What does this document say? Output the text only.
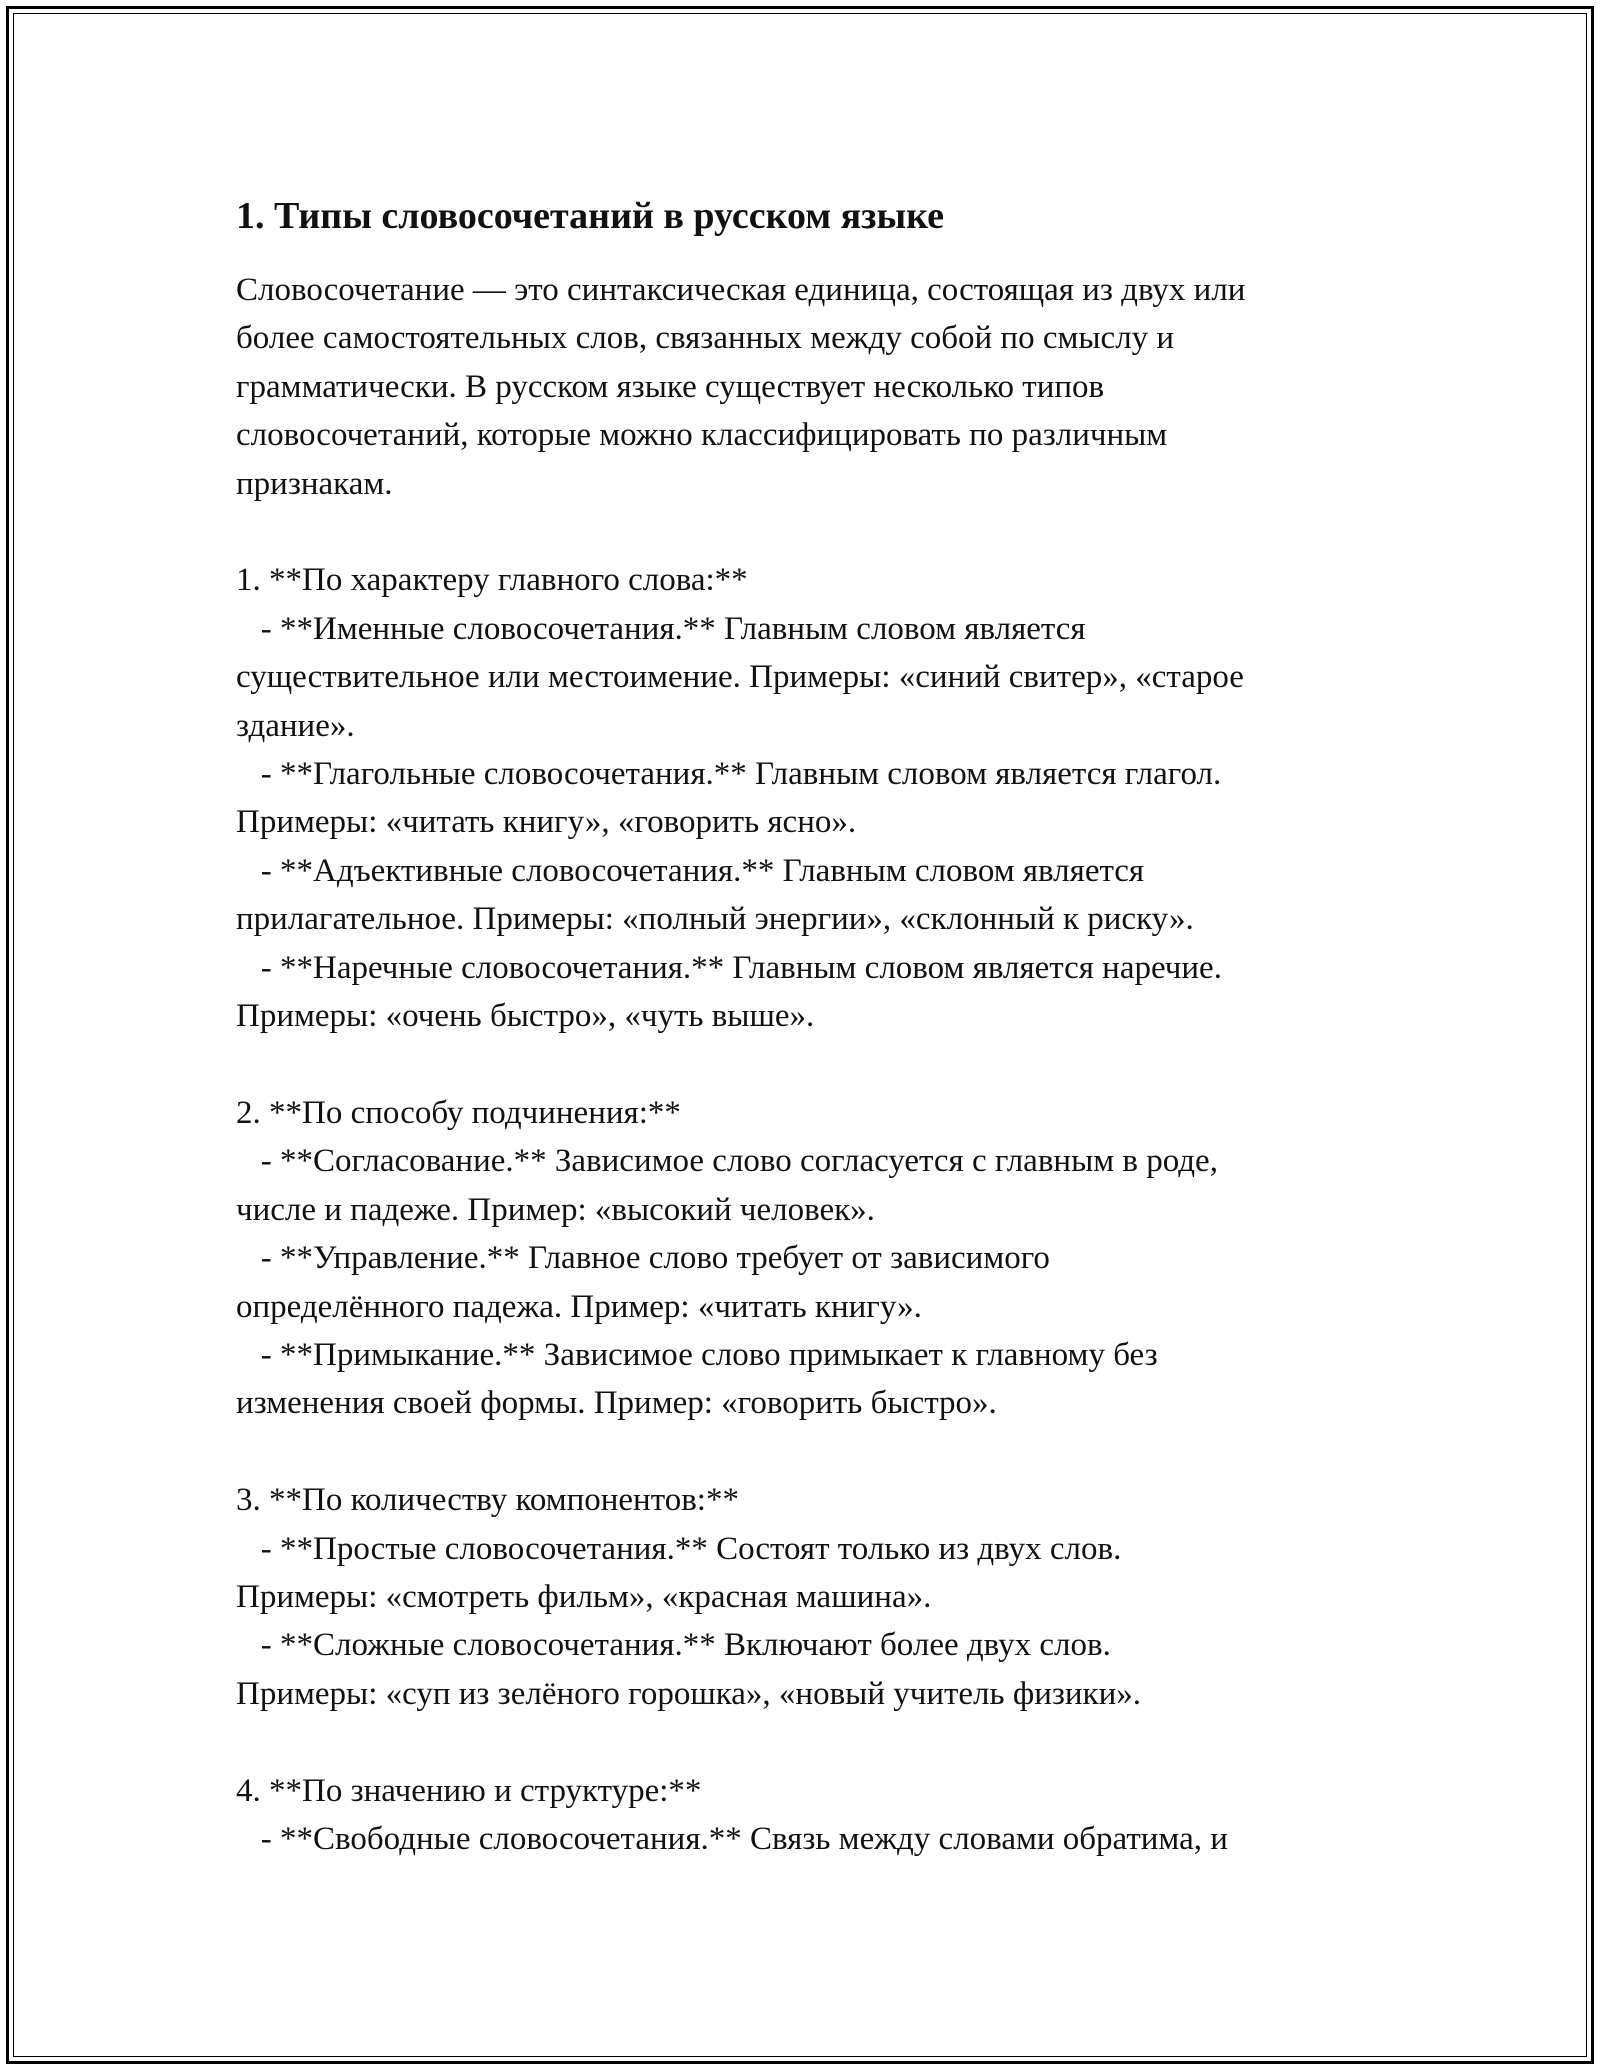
1. Типы словосочетаний в русском языке

Словосочетание — это синтаксическая единица, состоящая из двух или
более самостоятельных слов, связанных между собой по смыслу и
грамматически. В русском языке существует несколько типов
словосочетаний, которые можно классифицировать по различным
признакам.

1. **По характеру главного слова:**

- **Именные словосочетания.** Главным словом является
существительное или местоимение. Примеры: «синий свитер», «старое
здание».

- **Глагольные словосочетания.** Главным словом является глагол.
Примеры: «читать книгу», «говорить ясно».

- **Адъективные словосочетания.** Главным словом является
прилагательное. Примеры: «полный энергии», «склонный к риску».

- **Наречные словосочетания.** Главным словом является наречие.
Примеры: «очень быстро», «чуть выше».

2. **По способу подчинения:**

- **Согласование.** Зависимое слово согласуется с главным в роде,
числе и падеже. Пример: «высокий человек».

- **Управление.** Главное слово требует от зависимого
определённого падежа. Пример: «читать книгу».

- **Примыкание.** Зависимое слово примыкает к главному без
изменения своей формы. Пример: «говорить быстро».

3. **По количеству компонентов:**

- **Простые словосочетания.** Состоят только из двух слов.
Примеры: «смотреть фильм», «красная машина».

- **Сложные словосочетания.** Включают более двух слов.
Примеры: «суп из зелёного горошка», «новый учитель физики».

4. **По значению и структуре:**

- **Свободные словосочетания.** Связь между словами обратима, и
